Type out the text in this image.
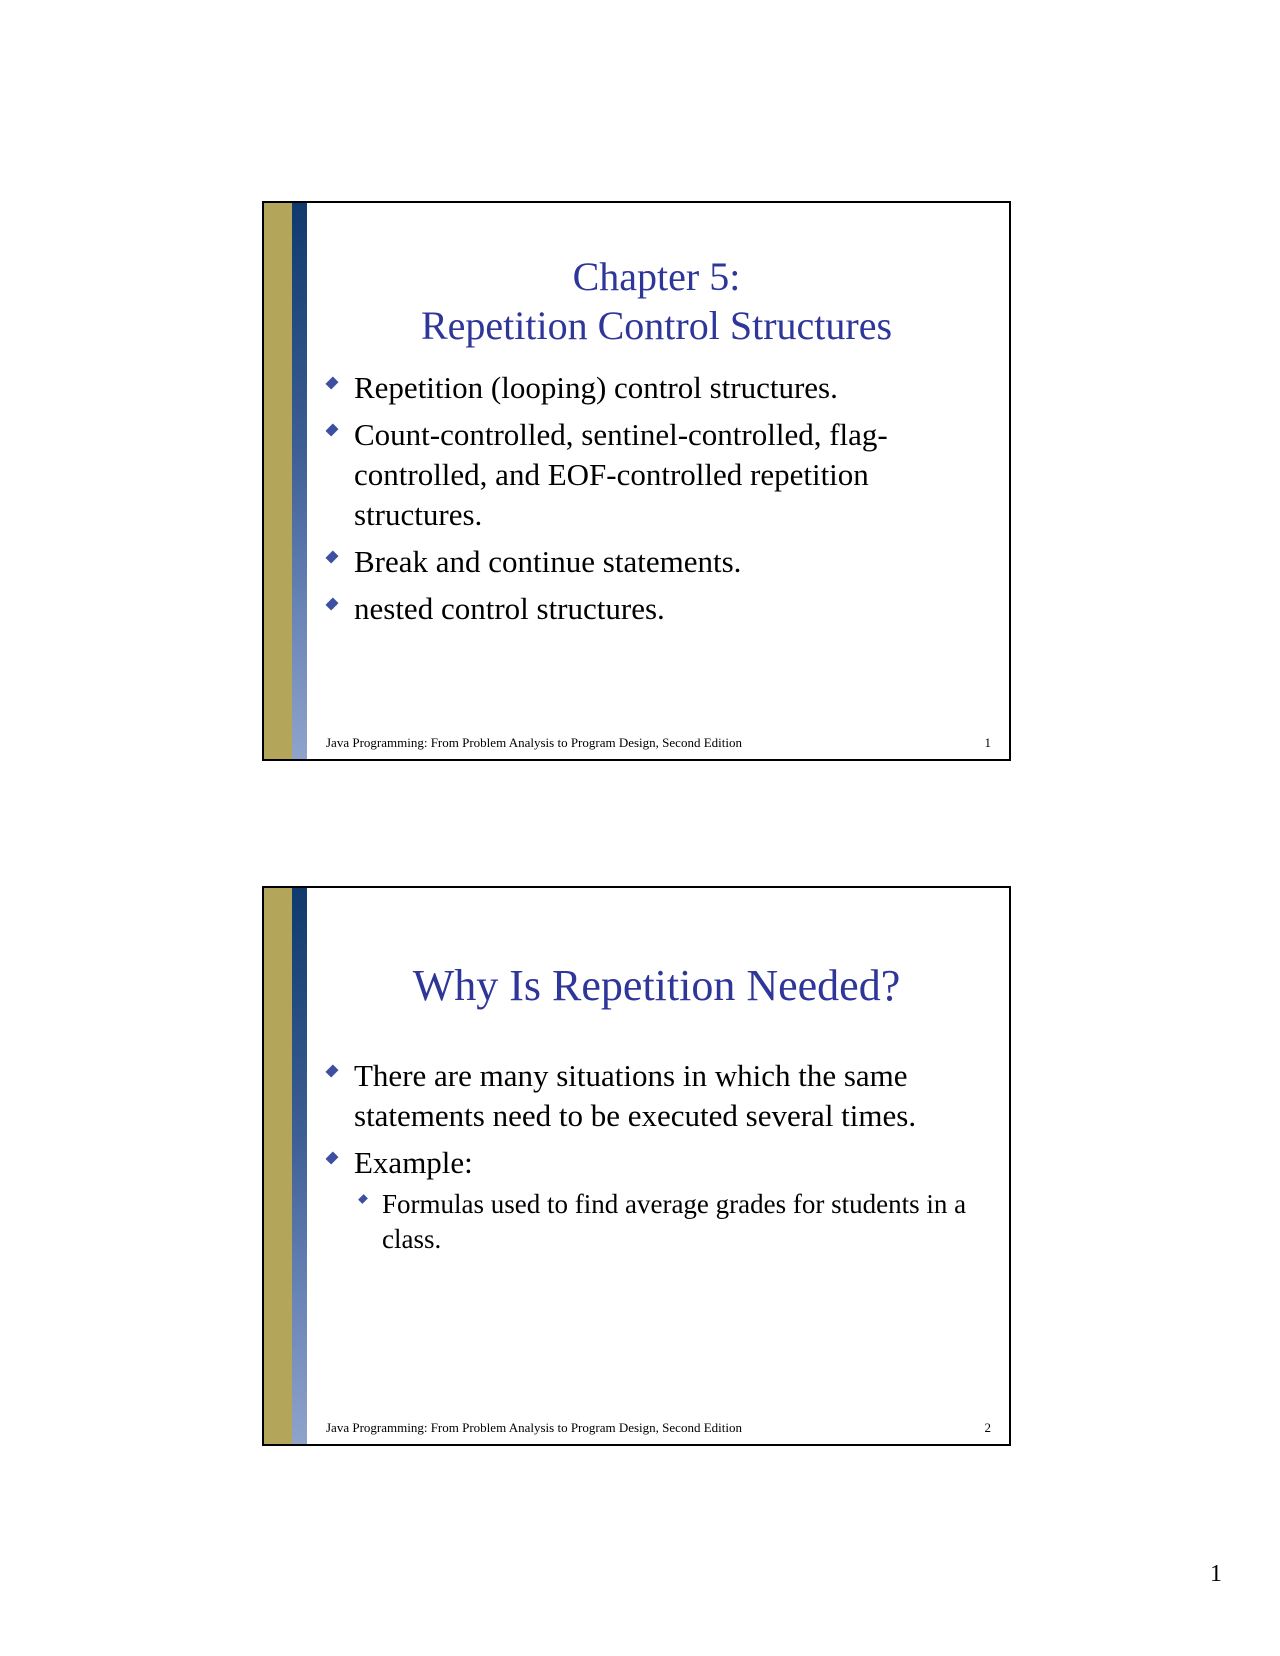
Chapter 5:
Repetition Control Structures
Repetition (looping) control structures.
Count-controlled, sentinel-controlled, flag-controlled, and EOF-controlled repetition structures.
Break and continue statements.
nested control structures.
Java Programming: From Problem Analysis to Program Design, Second Edition	1
Why Is Repetition Needed?
There are many situations in which the same statements need to be executed several times.
Example:
Formulas used to find average grades for students in a class.
Java Programming: From Problem Analysis to Program Design, Second Edition	2
1
